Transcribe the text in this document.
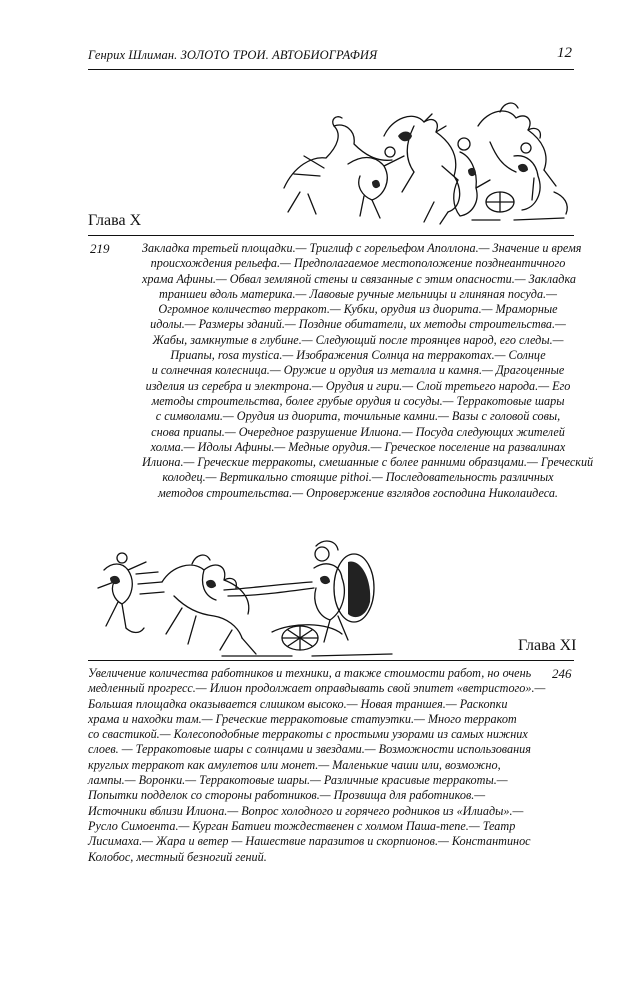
Генрих Шлиман. ЗОЛОТО ТРОИ. АВТОБИОГРАФИЯ	12
Глава X
219	Закладка третьей площадки.— Триглиф с горельефом Аполлона.— Значение и время
происхождения рельефа.— Предполагаемое местоположение позднеантичного
храма Афины.— Обвал земляной стены и связанные с этим опасности.— Закладка
траншеи вдоль материка.— Лавовые ручные мельницы и глиняная посуда.—
Огромное количество терракот.— Кубки, орудия из диорита.— Мраморные
идолы.— Размеры зданий.— Поздние обитатели, их методы строительства.—
Жабы, замкнутые в глубине.— Следующий после троянцев народ, его следы.—
Приапы, rosa mystica.— Изображения Солнца на терракотах.— Солнце
и солнечная колесница.— Оружие и орудия из металла и камня.— Драгоценные
изделия из серебра и электрона.— Орудия и гири.— Слой третьего народа.— Его
методы строительства, более грубые орудия и сосуды.— Терракотовые шары
с символами.— Орудия из диорита, точильные камни.— Вазы с головой совы,
снова приапы.— Очередное разрушение Илиона.— Посуда следующих жителей
холма.— Идолы Афины.— Медные орудия.— Греческое поселение на развалинах
Илиона.— Греческие терракоты, смешанные с более ранними образцами.— Греческий
колодец.— Вертикально стоящие pithoi.— Последовательность различных
методов строительства.— Опровержение взглядов господина Николаидеса.
Глава XI
246
Увеличение количества работников и техники, а также стоимости работ, но очень
медленный прогресс.— Илион продолжает оправдывать свой эпитет «ветристого».—
Большая площадка оказывается слишком высоко.— Новая траншея.— Раскопки
храма и находки там.— Греческие терракотовые статуэтки.— Много терракот
со свастикой.— Колесоподобные терракоты с простыми узорами из самых нижних
слоев. — Терракотовые шары с солнцами и звездами.— Возможности использования
круглых терракот как амулетов или монет.— Маленькие чаши или, возможно,
лампы.— Воронки.— Терракотовые шары.— Различные красивые терракоты.—
Попытки подделок со стороны работников.— Прозвища для работников.—
Источники вблизи Илиона.— Вопрос холодного и горячего родников из «Илиады».—
Русло Симоента.— Курган Батиеи тождественен с холмом Паша-тепе.— Театр
Лисимаха.— Жара и ветер — Нашествие паразитов и скорпионов.— Константинос
Колобос, местный безногий гений.
